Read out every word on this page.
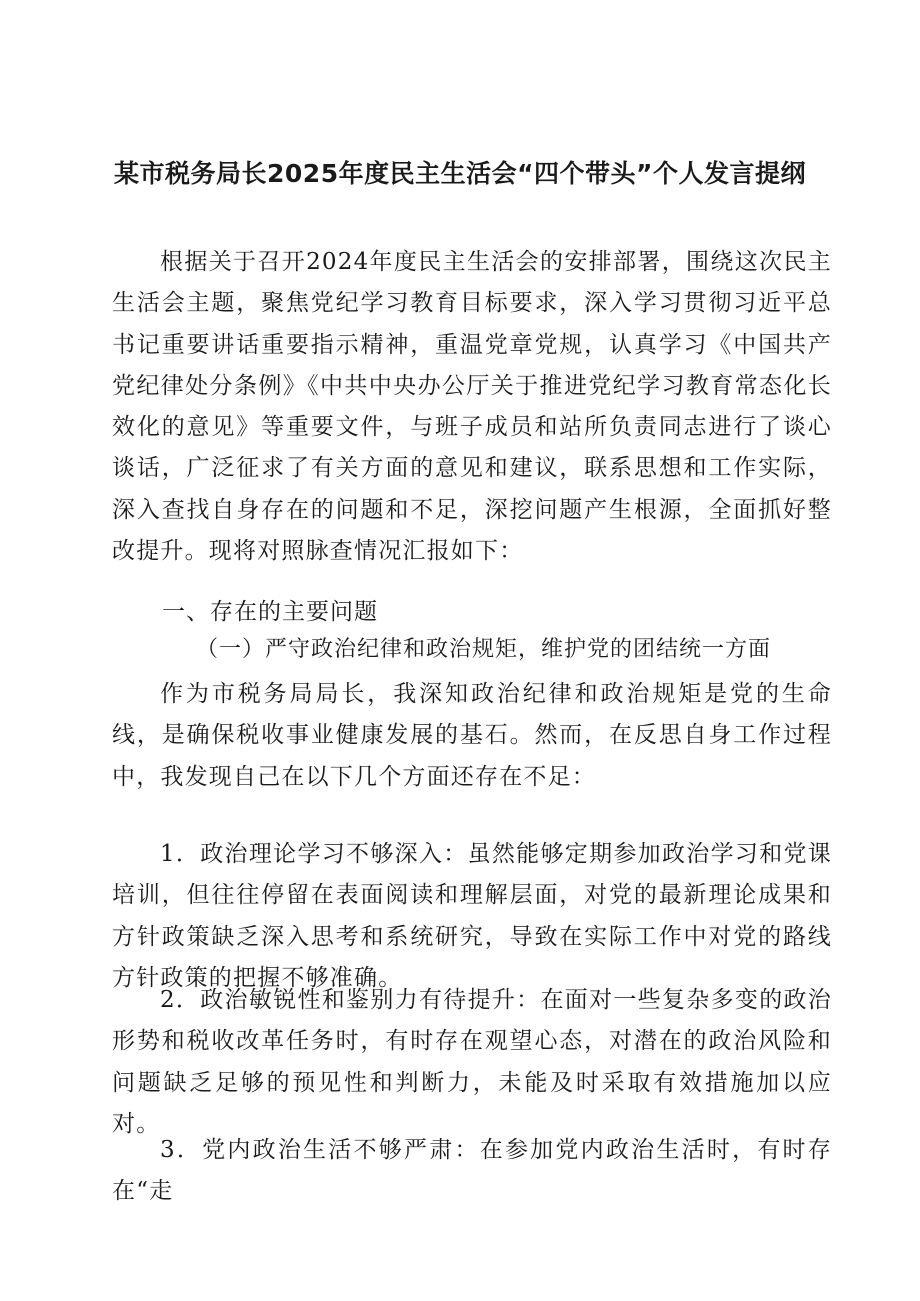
某市税务局长2025年度民主生活会“四个带头”个人发言提纲
根据关于召开2024年度民主生活会的安排部署，围绕这次民主生活会主题，聚焦党纪学习教育目标要求，深入学习贯彻习近平总书记重要讲话重要指示精神，重温党章党规，认真学习《中国共产党纪律处分条例》《中共中央办公厅关于推进党纪学习教育常态化长效化的意见》等重要文件，与班子成员和站所负责同志进行了谈心谈话，广泛征求了有关方面的意见和建议，联系思想和工作实际，深入查找自身存在的问题和不足，深挖问题产生根源，全面抓好整改提升。现将对照脉查情况汇报如下：
一、存在的主要问题
（一）严守政治纪律和政治规矩，维护党的团结统一方面
作为市税务局局长，我深知政治纪律和政治规矩是党的生命线，是确保税收事业健康发展的基石。然而，在反思自身工作过程中，我发现自己在以下几个方面还存在不足：
1．政治理论学习不够深入：虽然能够定期参加政治学习和党课培训，但往往停留在表面阅读和理解层面，对党的最新理论成果和方针政策缺乏深入思考和系统研究，导致在实际工作中对党的路线方针政策的把握不够准确。
2．政治敏锐性和鉴别力有待提升：在面对一些复杂多变的政治形势和税收改革任务时，有时存在观望心态，对潜在的政治风险和问题缺乏足够的预见性和判断力，未能及时采取有效措施加以应对。
3．党内政治生活不够严肃：在参加党内政治生活时，有时存在“走
